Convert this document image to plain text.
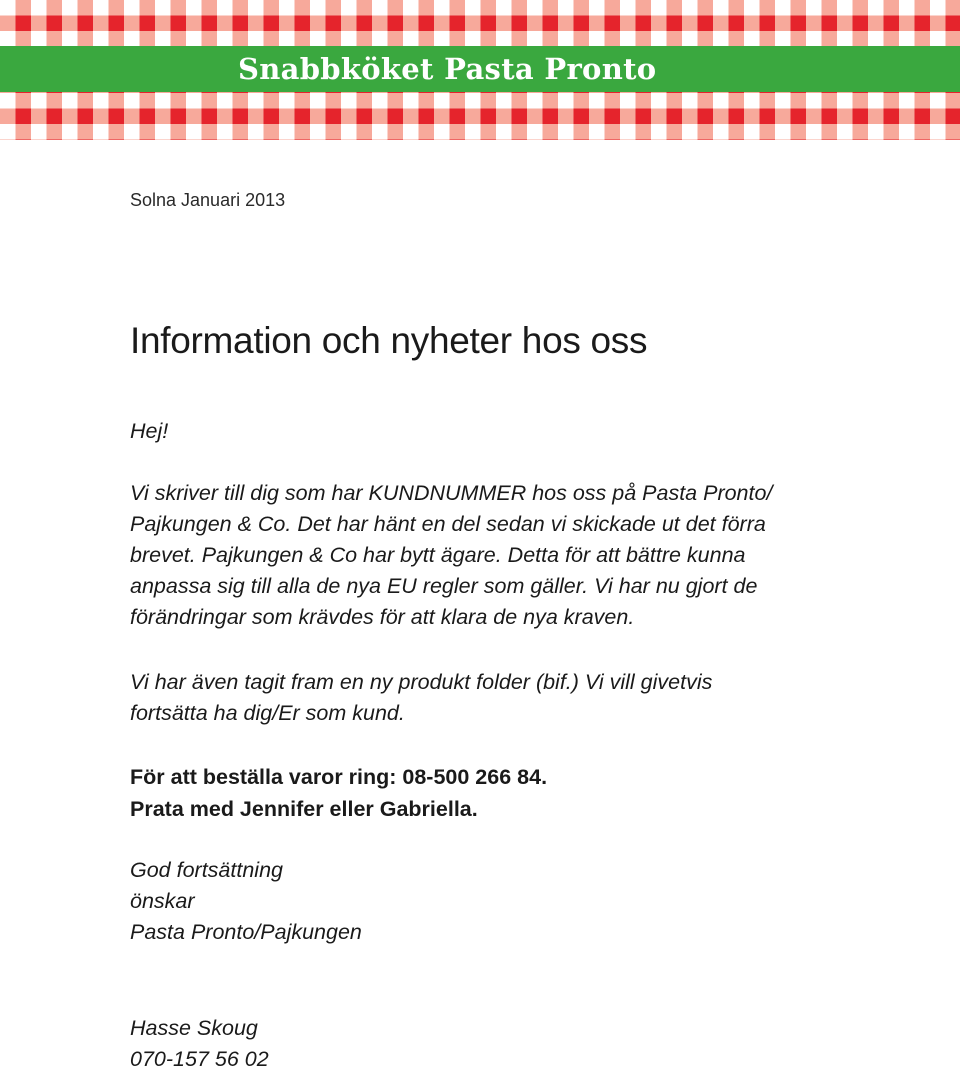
Snabbköket Pasta Pronto

Solna Januari 2013

Information och nyheter hos oss

Hej!

Vi skriver till dig som har KUNDNUMMER hos oss på Pasta Pronto/
Pajkungen & Co. Det har hänt en del sedan vi skickade ut det förra
brevet. Pajkungen & Co har bytt ägare. Detta för att bättre kunna
anpassa sig till alla de nya EU regler som gäller. Vi har nu gjort de
förändringar som krävdes för att klara de nya kraven.

Vi har även tagit fram en ny produkt folder (bif.) Vi vill givetvis
fortsätta ha dig/Er som kund.

För att beställa varor ring: 08-500 266 84.
Prata med Jennifer eller Gabriella.

God fortsättning
önskar
Pasta Pronto/Pajkungen

Hasse Skoug
070-157 56 02
